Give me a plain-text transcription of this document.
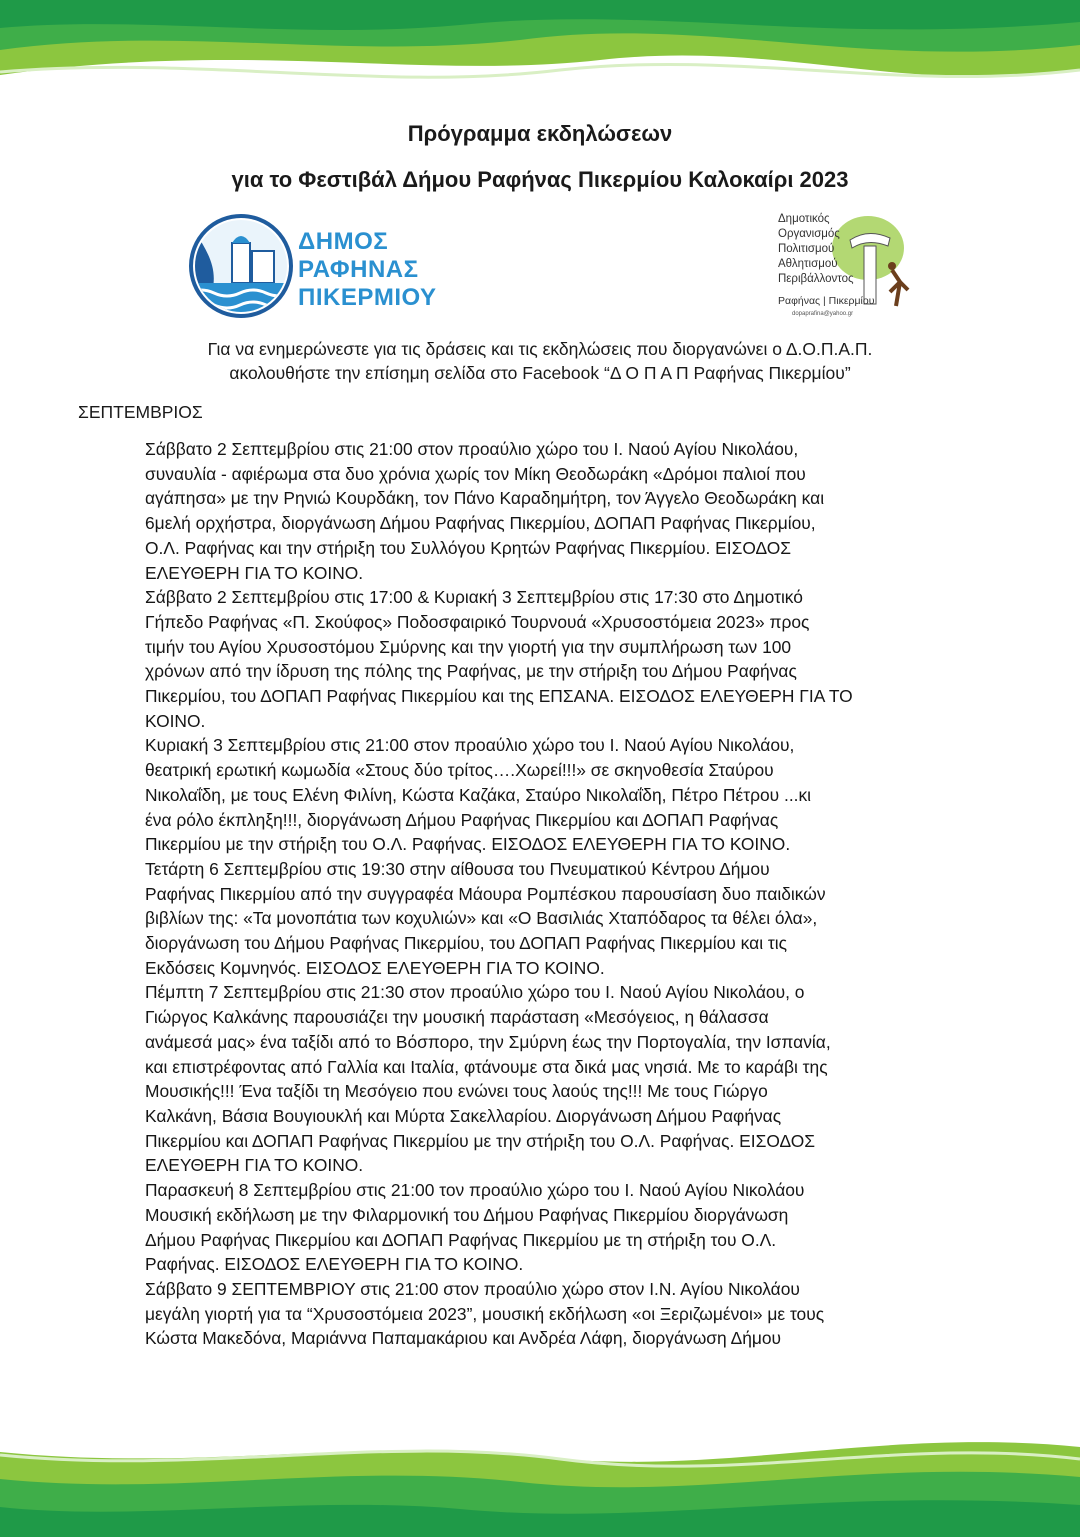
Πρόγραμμα εκδηλώσεων
για το Φεστιβάλ Δήμου Ραφήνας Πικερμίου Καλοκαίρι 2023
ΔΗΜΟΣ
ΡΑΦΗΝΑΣ
ΠΙΚΕΡΜΙΟΥ
Δημοτικός
Οργανισμός
Πολιτισμού
Αθλητισμού
Περιβάλλοντος
Ραφήνας | Πικερμίου
dopaprafina@yahoo.gr
Για να ενημερώνεστε για τις δράσεις και τις εκδηλώσεις που διοργανώνει ο Δ.Ο.Π.Α.Π.
ακολουθήστε την επίσημη σελίδα στο Facebook “Δ Ο Π Α Π Ραφήνας Πικερμίου”
ΣΕΠΤΕΜΒΡΙΟΣ
• Σάββατο 2 Σεπτεμβρίου στις 21:00 στον προαύλιο χώρο του Ι. Ναού Αγίου Νικολάου,
συναυλία - αφιέρωμα στα δυο χρόνια χωρίς τον Μίκη Θεοδωράκη «Δρόμοι παλιοί που
αγάπησα» με την Ρηνιώ Κουρδάκη, τον Πάνο Καραδημήτρη, τον Άγγελο Θεοδωράκη και
6μελή ορχήστρα, διοργάνωση Δήμου Ραφήνας Πικερμίου, ΔΟΠΑΠ Ραφήνας Πικερμίου,
Ο.Λ. Ραφήνας και την στήριξη του Συλλόγου Κρητών Ραφήνας Πικερμίου. ΕΙΣΟΔΟΣ
ΕΛΕΥΘΕΡΗ ΓΙΑ ΤΟ ΚΟΙΝΟ.
• Σάββατο 2 Σεπτεμβρίου στις 17:00 & Κυριακή 3 Σεπτεμβρίου στις 17:30 στο Δημοτικό
Γήπεδο Ραφήνας «Π. Σκούφος» Ποδοσφαιρικό Τουρνουά «Χρυσοστόμεια 2023» προς
τιμήν του Αγίου Χρυσοστόμου Σμύρνης και την γιορτή για την συμπλήρωση των 100
χρόνων από την ίδρυση της πόλης της Ραφήνας, με την στήριξη του Δήμου Ραφήνας
Πικερμίου, του ΔΟΠΑΠ Ραφήνας Πικερμίου και της ΕΠΣΑΝΑ. ΕΙΣΟΔΟΣ ΕΛΕΥΘΕΡΗ ΓΙΑ ΤΟ
ΚΟΙΝΟ.
• Κυριακή 3 Σεπτεμβρίου στις 21:00 στον προαύλιο χώρο του Ι. Ναού Αγίου Νικολάου,
θεατρική ερωτική κωμωδία «Στους δύο τρίτος….Χωρεί!!!» σε σκηνοθεσία Σταύρου
Νικολαΐδη, με τους Ελένη Φιλίνη, Κώστα Καζάκα, Σταύρο Νικολαΐδη, Πέτρο Πέτρου ...κι
ένα ρόλο έκπληξη!!!, διοργάνωση Δήμου Ραφήνας Πικερμίου και ΔΟΠΑΠ Ραφήνας
Πικερμίου με την στήριξη του Ο.Λ. Ραφήνας. ΕΙΣΟΔΟΣ ΕΛΕΥΘΕΡΗ ΓΙΑ ΤΟ ΚΟΙΝΟ.
• Τετάρτη 6 Σεπτεμβρίου στις 19:30 στην αίθουσα του Πνευματικού Κέντρου Δήμου
Ραφήνας Πικερμίου από την συγγραφέα Μάουρα Ρομπέσκου παρουσίαση δυο παιδικών
βιβλίων της: «Τα μονοπάτια των κοχυλιών» και «Ο Βασιλιάς Χταπόδαρος τα θέλει όλα»,
διοργάνωση του Δήμου Ραφήνας Πικερμίου, του ΔΟΠΑΠ Ραφήνας Πικερμίου και τις
Εκδόσεις Κομνηνός. ΕΙΣΟΔΟΣ ΕΛΕΥΘΕΡΗ ΓΙΑ ΤΟ ΚΟΙΝΟ.
• Πέμπτη 7 Σεπτεμβρίου στις 21:30 στον προαύλιο χώρο του Ι. Ναού Αγίου Νικολάου, ο
Γιώργος Καλκάνης παρουσιάζει την μουσική παράσταση «Μεσόγειος, η θάλασσα
ανάμεσά μας» ένα ταξίδι από το Βόσπορο, την Σμύρνη έως την Πορτογαλία, την Ισπανία,
και επιστρέφοντας από Γαλλία και Ιταλία, φτάνουμε στα δικά μας νησιά. Με το καράβι της
Μουσικής!!! Ένα ταξίδι τη Μεσόγειο που ενώνει τους λαούς της!!! Με τους Γιώργο
Καλκάνη, Βάσια Βουγιουκλή και Μύρτα Σακελλαρίου. Διοργάνωση Δήμου Ραφήνας
Πικερμίου και ΔΟΠΑΠ Ραφήνας Πικερμίου με την στήριξη του Ο.Λ. Ραφήνας. ΕΙΣΟΔΟΣ
ΕΛΕΥΘΕΡΗ ΓΙΑ ΤΟ ΚΟΙΝΟ.
• Παρασκευή 8 Σεπτεμβρίου στις 21:00 τον προαύλιο χώρο του Ι. Ναού Αγίου Νικολάου
Μουσική εκδήλωση με την Φιλαρμονική του Δήμου Ραφήνας Πικερμίου διοργάνωση
Δήμου Ραφήνας Πικερμίου και ΔΟΠΑΠ Ραφήνας Πικερμίου με τη στήριξη του Ο.Λ.
Ραφήνας. ΕΙΣΟΔΟΣ ΕΛΕΥΘΕΡΗ ΓΙΑ ΤΟ ΚΟΙΝΟ.
• Σάββατο 9 ΣΕΠΤΕΜΒΡΙΟΥ στις 21:00 στον προαύλιο χώρο στον Ι.Ν. Αγίου Νικολάου
μεγάλη γιορτή για τα “Χρυσοστόμεια 2023”, μουσική εκδήλωση «οι Ξεριζωμένοι» με τους
Κώστα Μακεδόνα, Μαριάννα Παπαμακάριου και Ανδρέα Λάφη, διοργάνωση Δήμου
